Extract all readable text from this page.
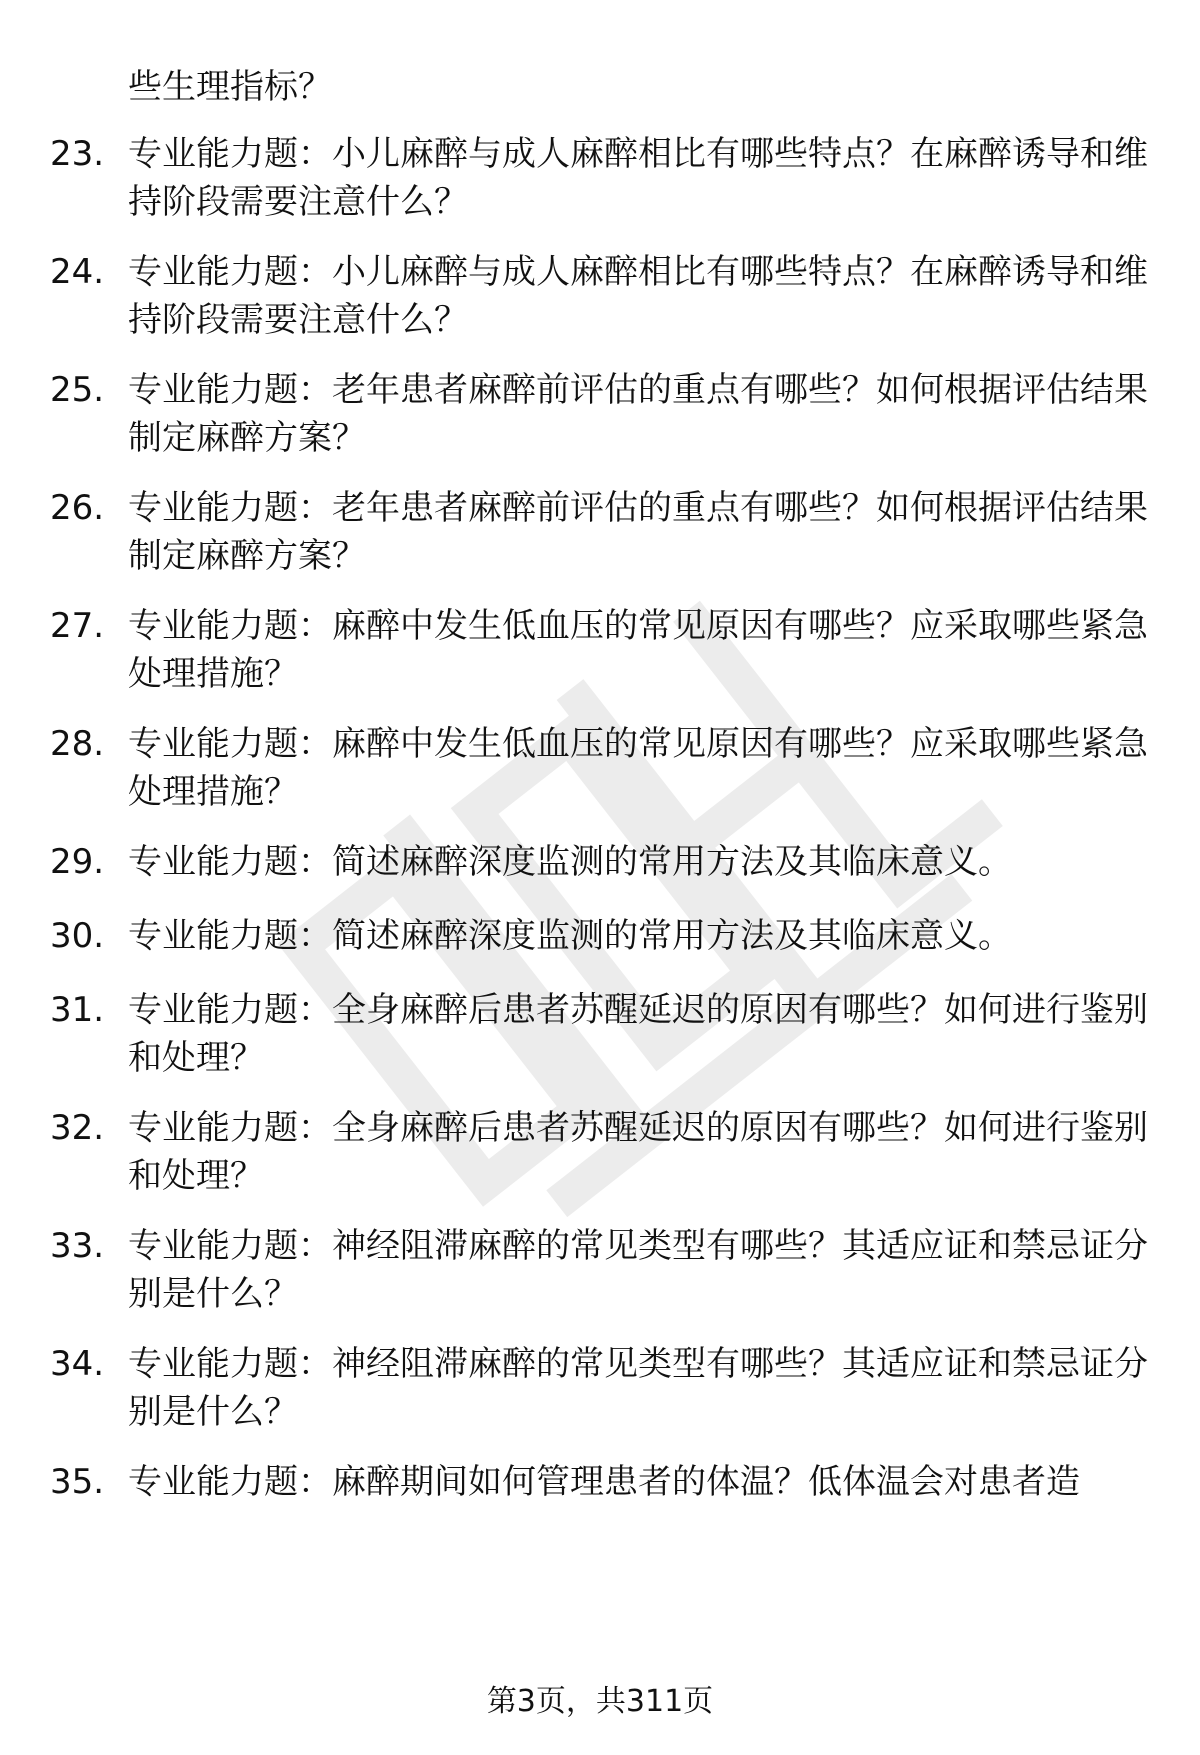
些生理指标？
23. 专业能力题：小儿麻醉与成人麻醉相比有哪些特点？在麻醉诱导和维持阶段需要注意什么？
24. 专业能力题：小儿麻醉与成人麻醉相比有哪些特点？在麻醉诱导和维持阶段需要注意什么？
25. 专业能力题：老年患者麻醉前评估的重点有哪些？如何根据评估结果制定麻醉方案？
26. 专业能力题：老年患者麻醉前评估的重点有哪些？如何根据评估结果制定麻醉方案？
27. 专业能力题：麻醉中发生低血压的常见原因有哪些？应采取哪些紧急处理措施？
28. 专业能力题：麻醉中发生低血压的常见原因有哪些？应采取哪些紧急处理措施？
29. 专业能力题：简述麻醉深度监测的常用方法及其临床意义。
30. 专业能力题：简述麻醉深度监测的常用方法及其临床意义。
31. 专业能力题：全身麻醉后患者苏醒延迟的原因有哪些？如何进行鉴别和处理？
32. 专业能力题：全身麻醉后患者苏醒延迟的原因有哪些？如何进行鉴别和处理？
33. 专业能力题：神经阻滞麻醉的常见类型有哪些？其适应证和禁忌证分别是什么？
34. 专业能力题：神经阻滞麻醉的常见类型有哪些？其适应证和禁忌证分别是什么？
35. 专业能力题：麻醉期间如何管理患者的体温？低体温会对患者造
第3页，共311页
